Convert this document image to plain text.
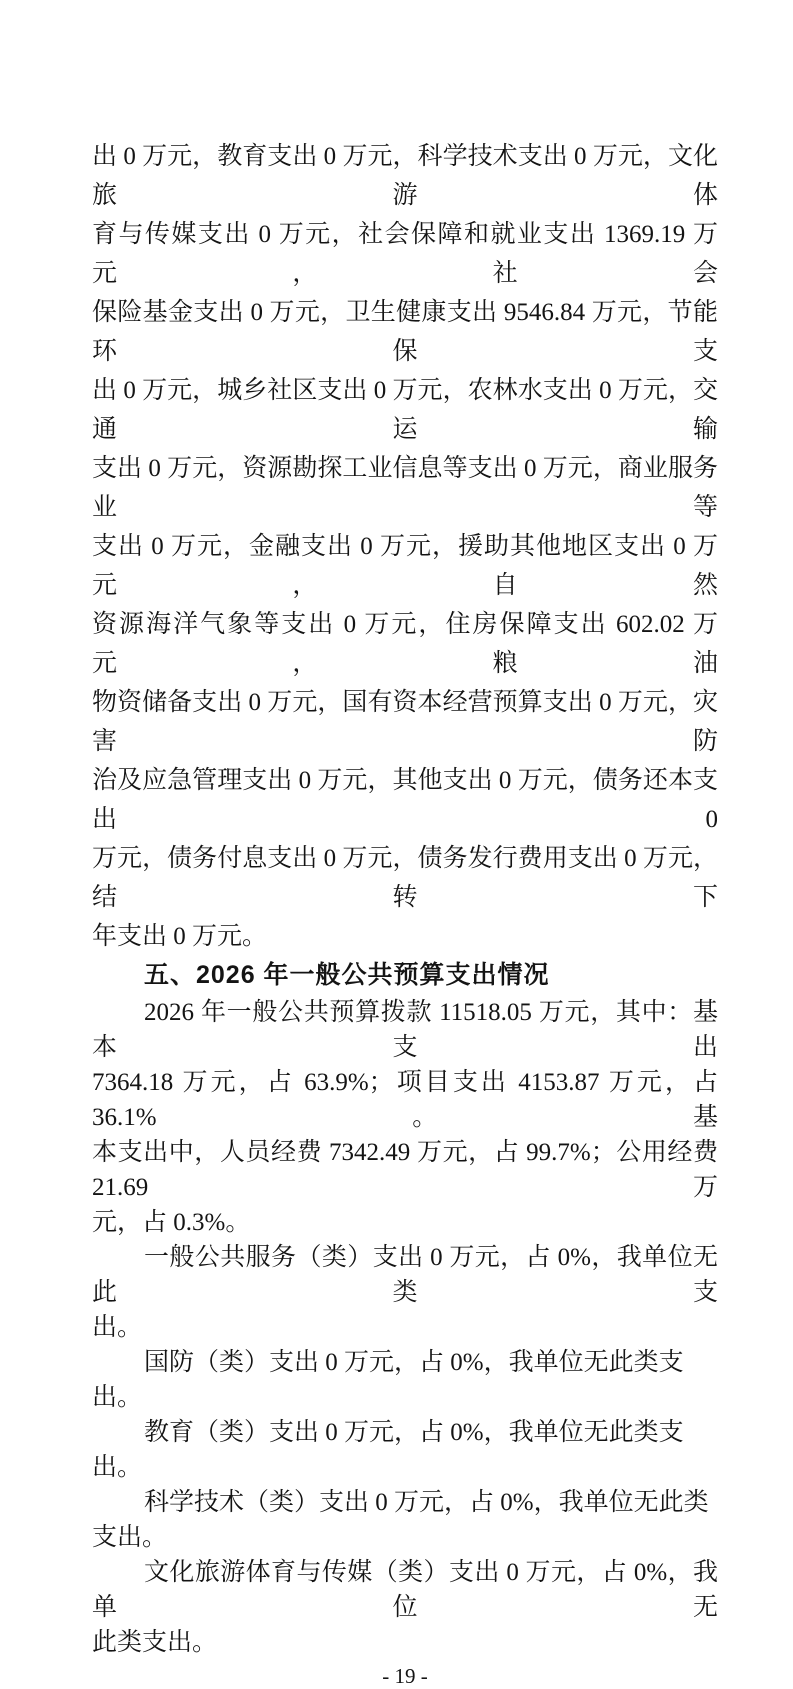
出 0 万元，教育支出 0 万元，科学技术支出 0 万元，文化旅游体
育与传媒支出 0 万元，社会保障和就业支出 1369.19 万元，社会
保险基金支出 0 万元，卫生健康支出 9546.84 万元，节能环保支
出 0 万元，城乡社区支出 0 万元，农林水支出 0 万元，交通运输
支出 0 万元，资源勘探工业信息等支出 0 万元，商业服务业等
支出 0 万元，金融支出 0 万元，援助其他地区支出 0 万元，自然
资源海洋气象等支出 0 万元，住房保障支出 602.02 万元，粮油
物资储备支出 0 万元，国有资本经营预算支出 0 万元，灾害防
治及应急管理支出 0 万元，其他支出 0 万元，债务还本支出 0
万元，债务付息支出 0 万元，债务发行费用支出 0 万元，结转下
年支出 0 万元。
五、2026 年一般公共预算支出情况
2026 年一般公共预算拨款 11518.05 万元，其中：基本支出
7364.18 万元，占 63.9%；项目支出 4153.87 万元，占 36.1%。基
本支出中，人员经费 7342.49 万元，占 99.7%；公用经费 21.69 万
元，占 0.3%。
一般公共服务（类）支出 0 万元，占 0%，我单位无此类支
出。
国防（类）支出 0 万元，占 0%，我单位无此类支出。
教育（类）支出 0 万元，占 0%，我单位无此类支出。
科学技术（类）支出 0 万元，占 0%，我单位无此类支出。
文化旅游体育与传媒（类）支出 0 万元，占 0%，我单位无
此类支出。
- 19 -
